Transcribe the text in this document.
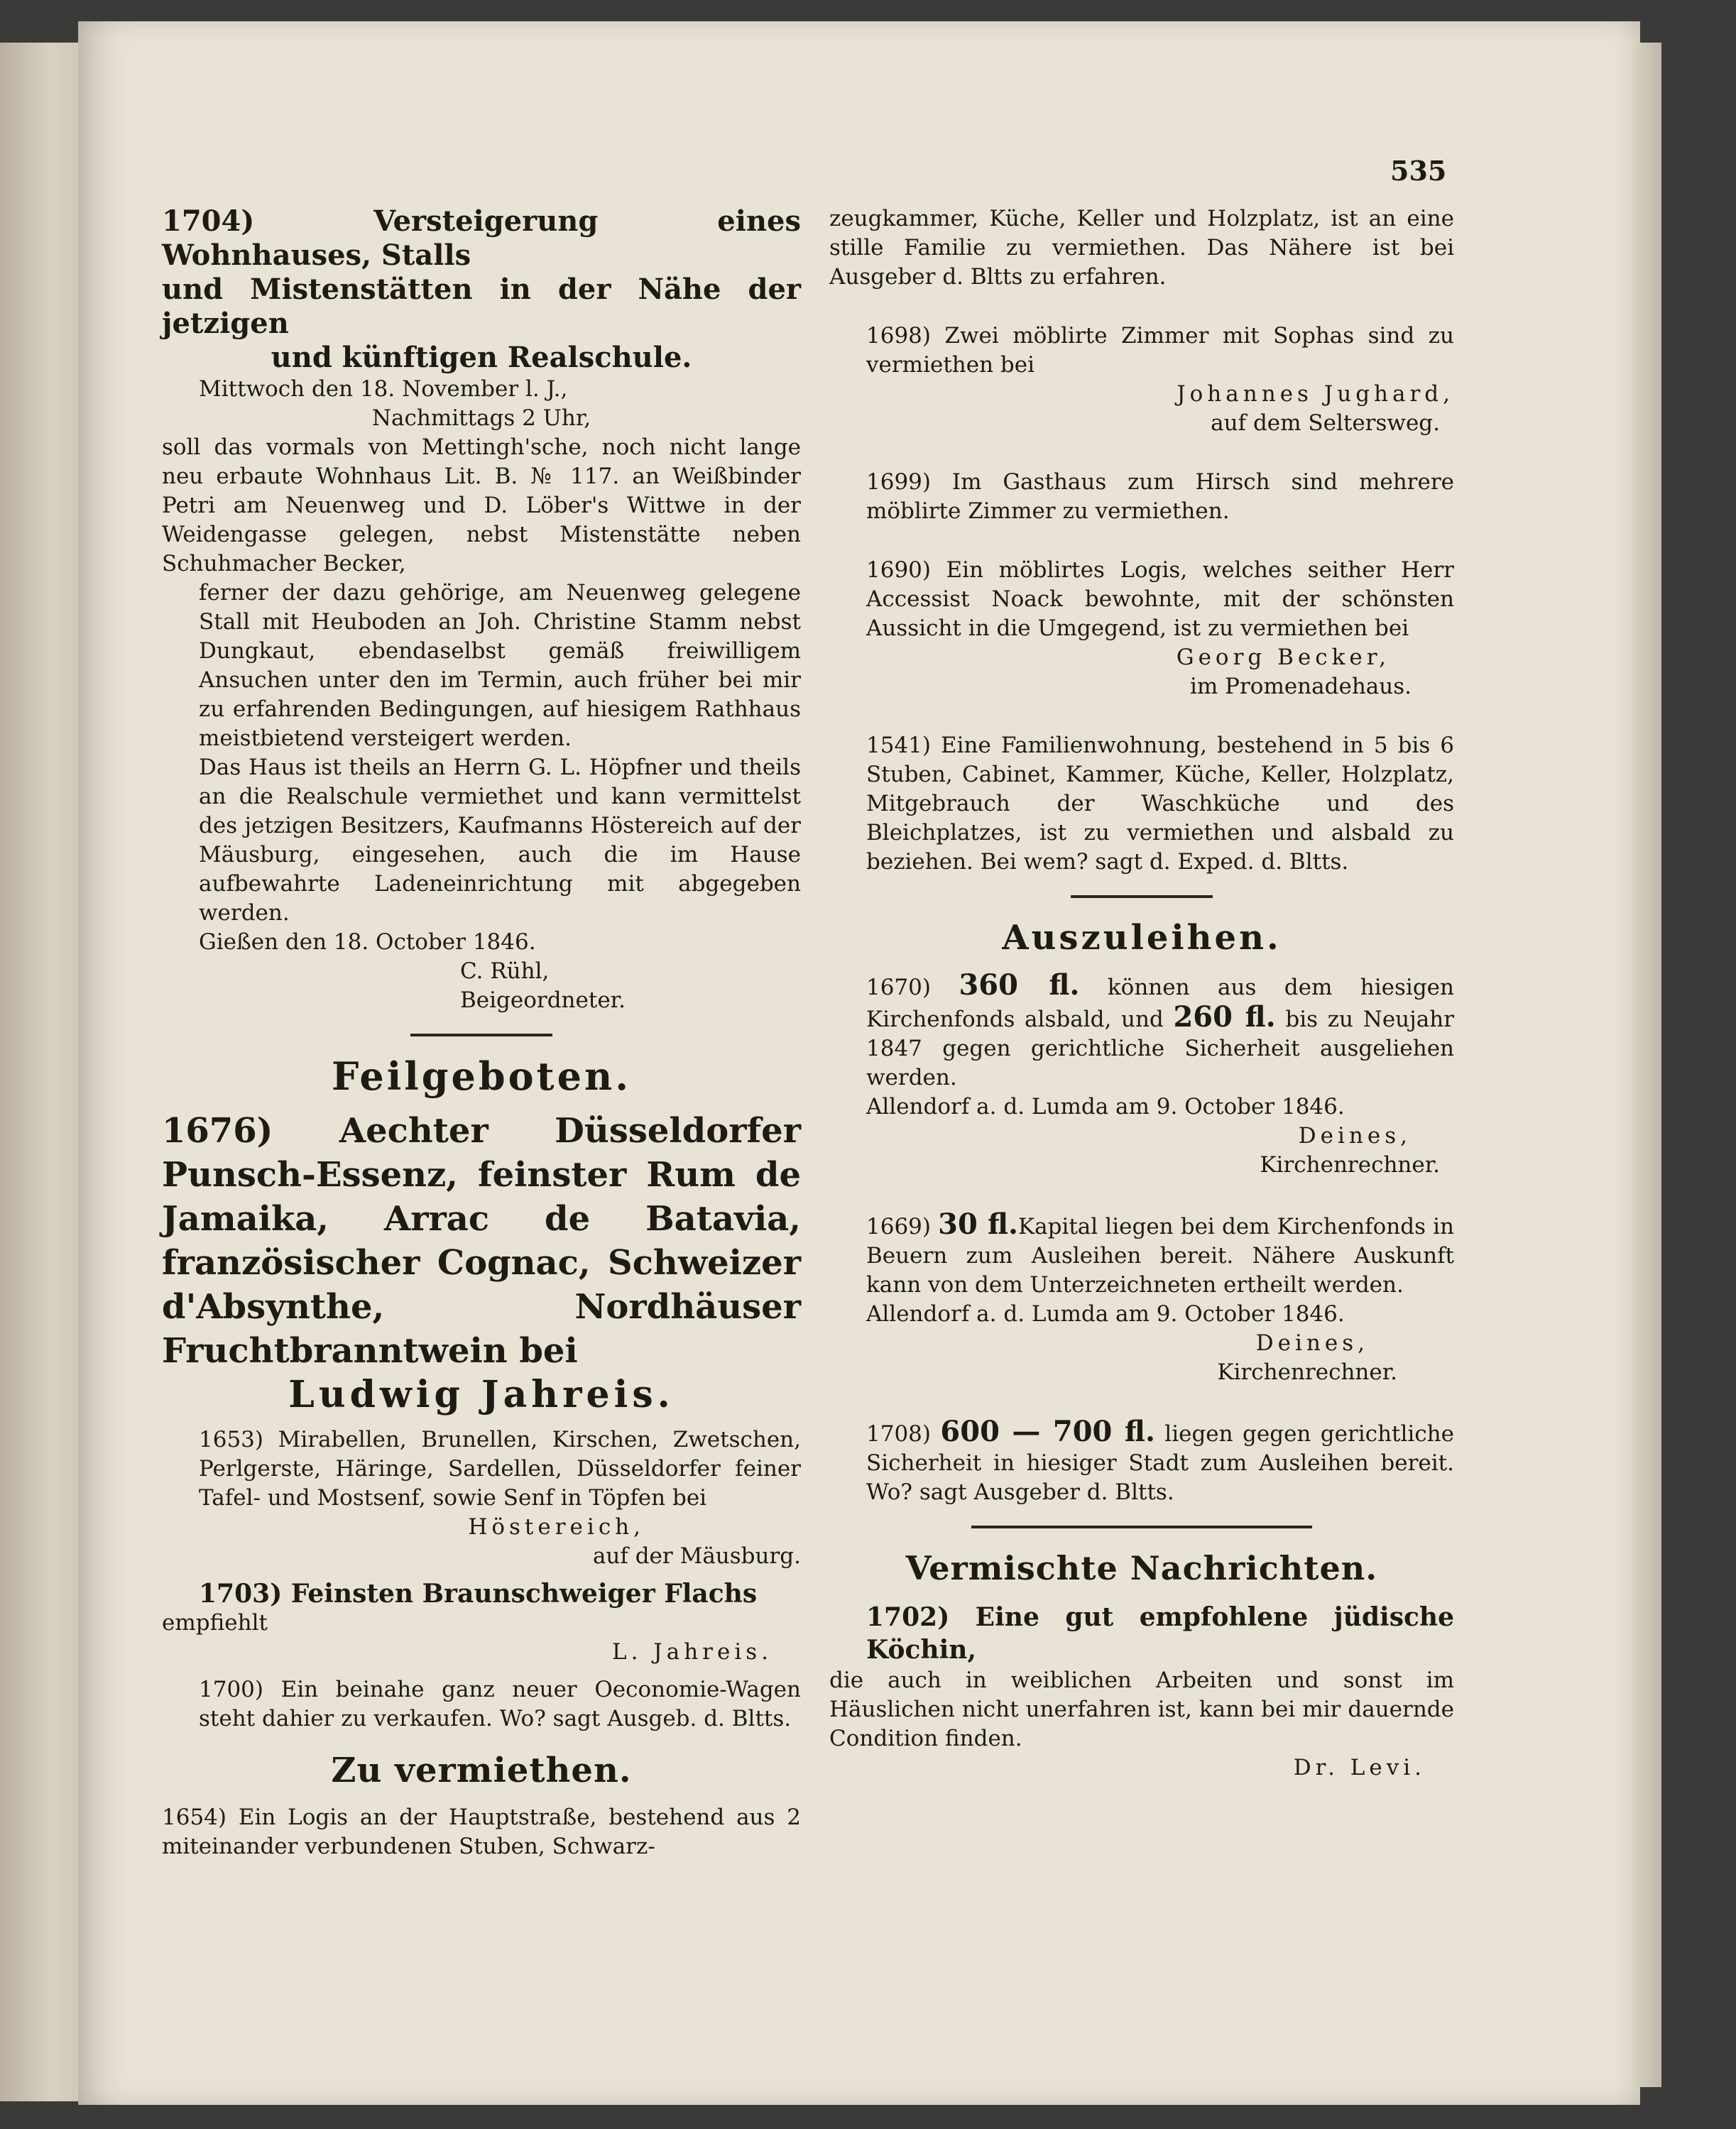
535

1704) Versteigerung eines Wohnhauses, Stalls

und Mistenstätten in der Nähe der jetzigen

und künftigen Realschule.

Mittwoch den 18. November l. J.,

Nachmittags 2 Uhr,

soll das vormals von Mettingh'sche, noch nicht lange neu erbaute Wohnhaus Lit. B. № 117. an Weißbinder Petri am Neuenweg und D. Löber's Wittwe in der Weidengasse gelegen, nebst Mistenstätte neben Schuhmacher Becker,

ferner der dazu gehörige, am Neuenweg gelegene Stall mit Heuboden an Joh. Christine Stamm nebst Dungkaut, ebendaselbst gemäß freiwilligem Ansuchen unter den im Termin, auch früher bei mir zu erfahrenden Bedingungen, auf hiesigem Rathhaus meistbietend versteigert werden.

Das Haus ist theils an Herrn G. L. Höpfner und theils an die Realschule vermiethet und kann vermittelst des jetzigen Besitzers, Kaufmanns Höstereich auf der Mäusburg, eingesehen, auch die im Hause aufbewahrte Ladeneinrichtung mit abgegeben werden.

Gießen den 18. October 1846.

C. Rühl,

Beigeordneter.

Feilgeboten.
1676) Aechter Düsseldorfer Punsch-Essenz, feinster Rum de Jamaika, Arrac de Batavia, französischer Cognac, Schweizer d'Absynthe, Nordhäuser Fruchtbranntwein bei
Ludwig Jahreis.

1653) Mirabellen, Brunellen, Kirschen, Zwetschen, Perlgerste, Häringe, Sardellen, Düsseldorfer feiner Tafel- und Mostsenf, sowie Senf in Töpfen bei

Höstereich,

auf der Mäusburg.

1703) Feinsten Braunschweiger Flachs

empfiehlt

L. Jahreis.

1700) Ein beinahe ganz neuer Oeconomie-Wagen steht dahier zu verkaufen. Wo? sagt Ausgeb. d. Bltts.

Zu vermiethen.

1654) Ein Logis an der Hauptstraße, bestehend aus 2 miteinander verbundenen Stuben, Schwarz-

zeugkammer, Küche, Keller und Holzplatz, ist an eine stille Familie zu vermiethen. Das Nähere ist bei Ausgeber d. Bltts zu erfahren.

1698) Zwei möblirte Zimmer mit Sophas sind zu vermiethen bei

Johannes Jughard,

auf dem Seltersweg.

1699) Im Gasthaus zum Hirsch sind mehrere möblirte Zimmer zu vermiethen.

1690) Ein möblirtes Logis, welches seither Herr Accessist Noack bewohnte, mit der schönsten Aussicht in die Umgegend, ist zu vermiethen bei

Georg Becker,

im Promenadehaus.

1541) Eine Familienwohnung, bestehend in 5 bis 6 Stuben, Cabinet, Kammer, Küche, Keller, Holzplatz, Mitgebrauch der Waschküche und des Bleichplatzes, ist zu vermiethen und alsbald zu beziehen. Bei wem? sagt d. Exped. d. Bltts.

Auszuleihen.

1670) 360 fl. können aus dem hiesigen Kirchenfonds alsbald, und 260 fl. bis zu Neujahr 1847 gegen gerichtliche Sicherheit ausgeliehen werden.

Allendorf a. d. Lumda am 9. October 1846.

Deines,

Kirchenrechner.

1669) 30 fl.Kapital liegen bei dem Kirchenfonds in Beuern zum Ausleihen bereit. Nähere Auskunft kann von dem Unterzeichneten ertheilt werden.

Allendorf a. d. Lumda am 9. October 1846.

Deines,

Kirchenrechner.

1708) 600 — 700 fl. liegen gegen gerichtliche Sicherheit in hiesiger Stadt zum Ausleihen bereit. Wo? sagt Ausgeber d. Bltts.

Vermischte Nachrichten.

1702) Eine gut empfohlene jüdische Köchin,

die auch in weiblichen Arbeiten und sonst im Häuslichen nicht unerfahren ist, kann bei mir dauernde Condition finden.

Dr. Levi.
